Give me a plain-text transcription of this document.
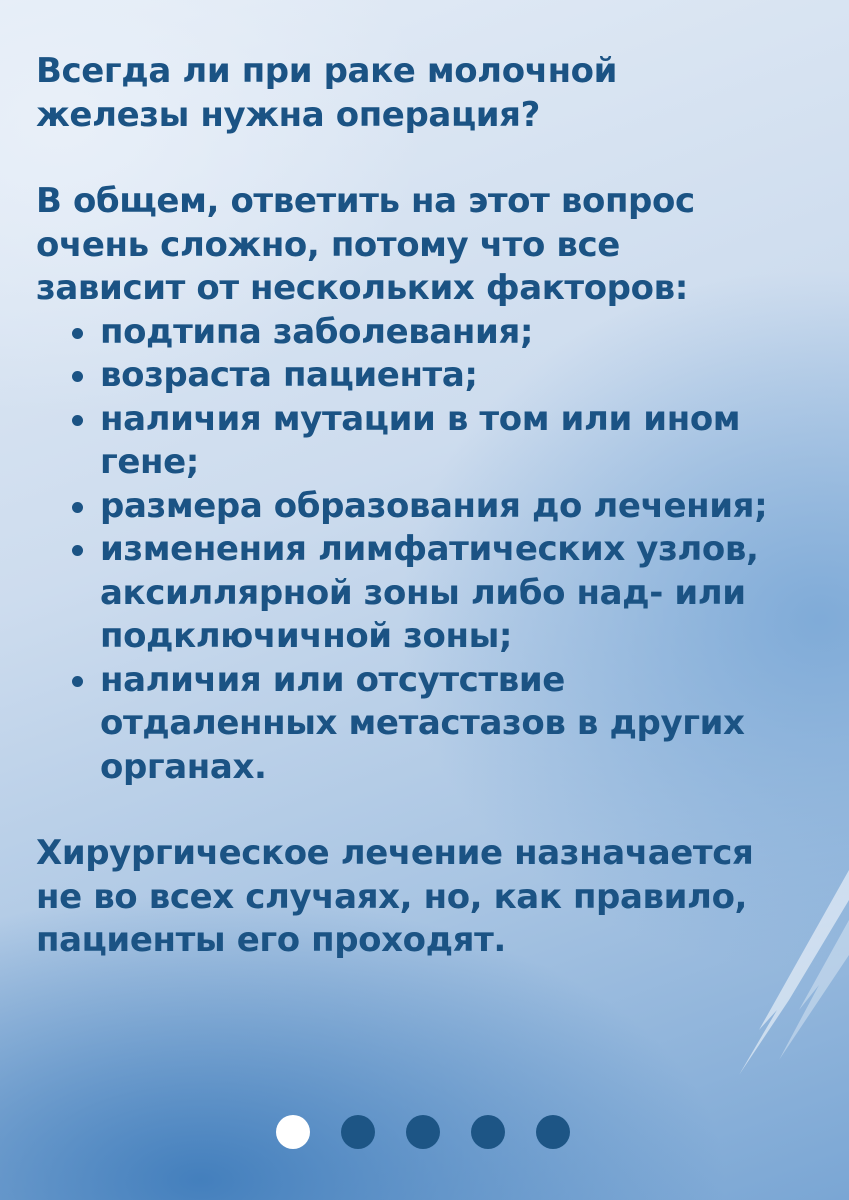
Всегда ли при раке молочной
железы нужна операция?

В общем, ответить на этот вопрос
очень сложно, потому что все
зависит от нескольких факторов:

подтипа заболевания;
возраста пациента;
наличия мутации в том или ином
гене;
размера образования до лечения;
изменения лимфатических узлов,
аксиллярной зоны либо над- или
подключичной зоны;
наличия или отсутствие
отдаленных метастазов в других
органах.

Хирургическое лечение назначается
не во всех случаях, но, как правило,
пациенты его проходят.
